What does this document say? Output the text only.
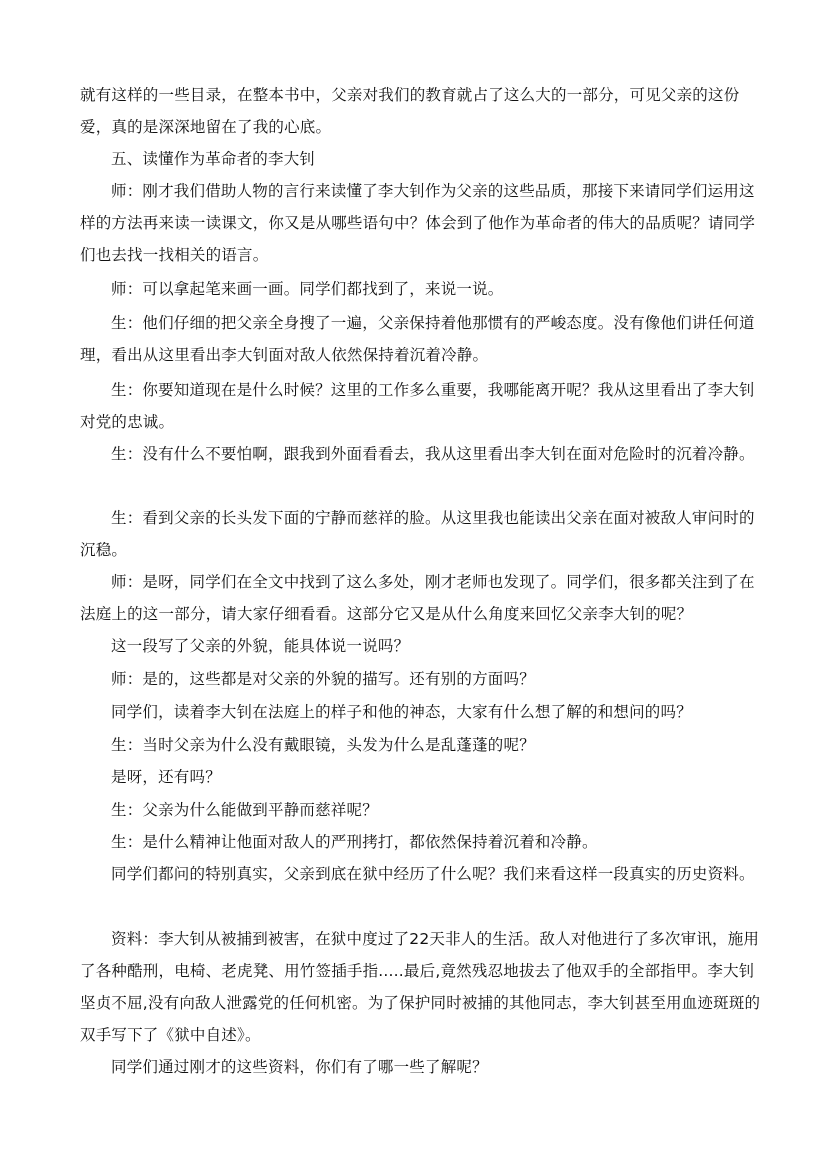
就有这样的一些目录，在整本书中，父亲对我们的教育就占了这么大的一部分，可见父亲的这份爱，真的是深深地留在了我的心底。

五、读懂作为革命者的李大钊

师：刚才我们借助人物的言行来读懂了李大钊作为父亲的这些品质，那接下来请同学们运用这样的方法再来读一读课文，你又是从哪些语句中？体会到了他作为革命者的伟大的品质呢？请同学们也去找一找相关的语言。

师：可以拿起笔来画一画。同学们都找到了，来说一说。

生：他们仔细的把父亲全身搜了一遍，父亲保持着他那惯有的严峻态度。没有像他们讲任何道理，看出从这里看出李大钊面对敌人依然保持着沉着冷静。

生：你要知道现在是什么时候？这里的工作多么重要，我哪能离开呢？我从这里看出了李大钊对党的忠诚。

生：没有什么不要怕啊，跟我到外面看看去，我从这里看出李大钊在面对危险时的沉着冷静。

生：看到父亲的长头发下面的宁静而慈祥的脸。从这里我也能读出父亲在面对被敌人审问时的沉稳。

师：是呀，同学们在全文中找到了这么多处，刚才老师也发现了。同学们，很多都关注到了在法庭上的这一部分，请大家仔细看看。这部分它又是从什么角度来回忆父亲李大钊的呢？

这一段写了父亲的外貌，能具体说一说吗？

师：是的，这些都是对父亲的外貌的描写。还有别的方面吗？

同学们，读着李大钊在法庭上的样子和他的神态，大家有什么想了解的和想问的吗？

生：当时父亲为什么没有戴眼镜，头发为什么是乱蓬蓬的呢？

是呀，还有吗？

生：父亲为什么能做到平静而慈祥呢？

生：是什么精神让他面对敌人的严刑拷打，都依然保持着沉着和冷静。

同学们都问的特别真实，父亲到底在狱中经历了什么呢？我们来看这样一段真实的历史资料。

资料：李大钊从被捕到被害，在狱中度过了22天非人的生活。敌人对他进行了多次审讯，施用了各种酷刑，电椅、老虎凳、用竹签插手指.....最后,竟然残忍地拔去了他双手的全部指甲。李大钊坚贞不屈,没有向敌人泄露党的任何机密。为了保护同时被捕的其他同志，李大钊甚至用血迹斑斑的双手写下了《狱中自述》。

同学们通过刚才的这些资料，你们有了哪一些了解呢？
